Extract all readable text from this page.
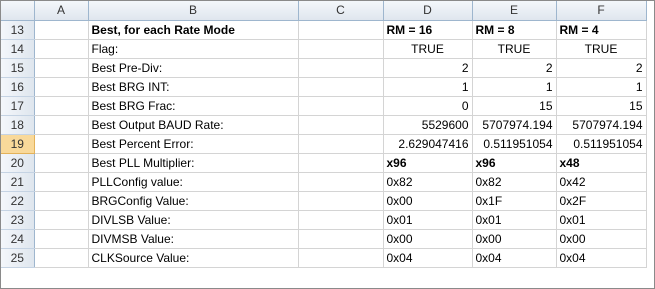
	A	B	C	D	E	F
13		Best, for each Rate Mode		RM = 16	RM = 8	RM = 4
14		Flag:		TRUE	TRUE	TRUE
15		Best Pre-Div:		2	2	2
16		Best BRG INT:		1	1	1
17		Best BRG Frac:		0	15	15
18		Best Output BAUD Rate:		5529600	5707974.194	5707974.194
19		Best Percent Error:		2.629047416	0.511951054	0.511951054
20		Best PLL Multiplier:		x96	x96	x48
21		PLLConfig value:		0x82	0x82	0x42
22		BRGConfig Value:		0x00	0x1F	0x2F
23		DIVLSB Value:		0x01	0x01	0x01
24		DIVMSB Value:		0x00	0x00	0x00
25		CLKSource Value:		0x04	0x04	0x04
